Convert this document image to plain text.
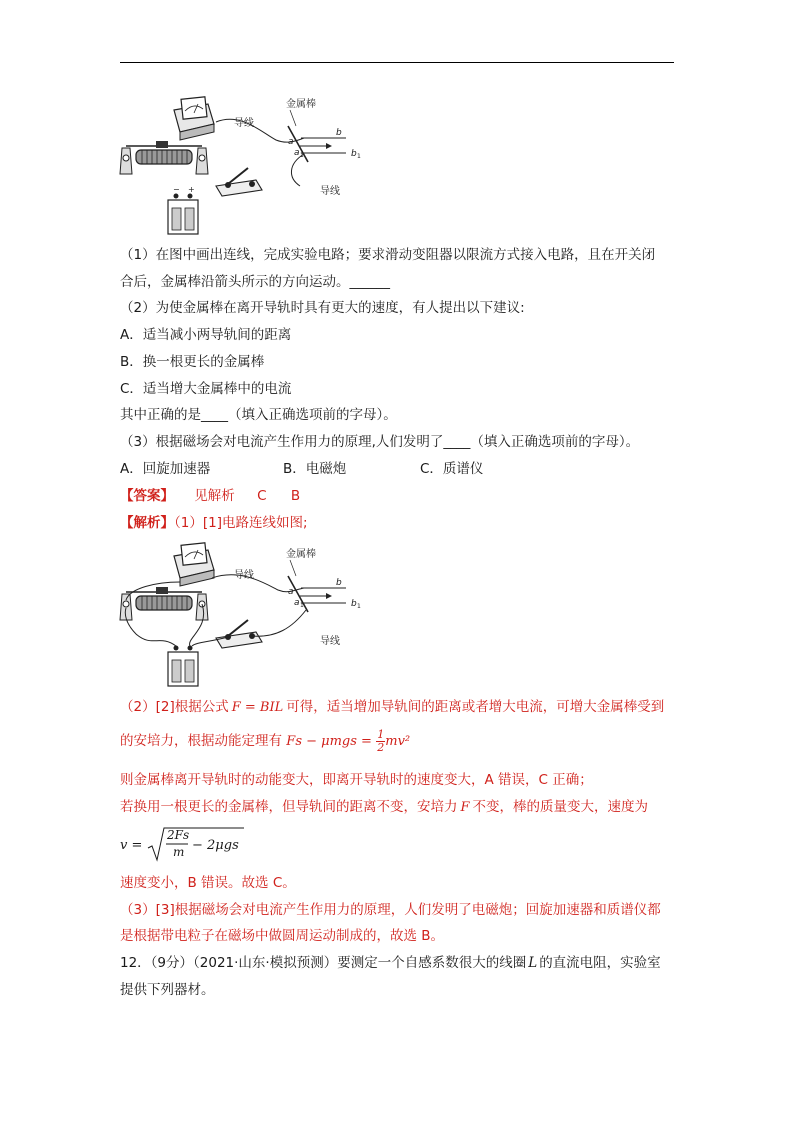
− +
金属棒
导线
导线
a
a 1
b
b 1
（1）在图中画出连线，完成实验电路；要求滑动变阻器以限流方式接入电路，且在开关闭
合后，金属棒沿箭头所示的方向运动。______
（2）为使金属棒在离开导轨时具有更大的速度，有人提出以下建议:
A．适当减小两导轨间的距离
B．换一根更长的金属棒
C．适当增大金属棒中的电流
其中正确的是____（填入正确选项前的字母）。
（3）根据磁场会对电流产生作用力的原理,人们发明了____（填入正确选项前的字母）。
A．回旋加速器	B．电磁炮	C．质谱仪
【答案】 见解析 C B
【解析】（1）[1]电路连线如图;
金属棒
导线
导线
a
a 1
b
b 1
（2）[2]根据公式 F = BIL 可得，适当增加导轨间的距离或者增大电流，可增大金属棒受到
的安培力，根据动能定理有 $Fs - \mu mgs = \frac{1}{2} mv^2$
则金属棒离开导轨时的动能变大，即离开导轨时的速度变大，A 错误，C 正确；
若换用一根更长的金属棒，但导轨间的距离不变，安培力 F 不变，棒的质量变大，速度为
v =
2Fs
m − 2μgs
速度变小，B 错误。故选 C。
（3）[3]根据磁场会对电流产生作用力的原理，人们发明了电磁炮；回旋加速器和质谱仪都
是根据带电粒子在磁场中做圆周运动制成的，故选 B。
12．（9分）（2021·山东·模拟预测）要测定一个自感系数很大的线圈 L 的直流电阻，实验室
提供下列器材。
